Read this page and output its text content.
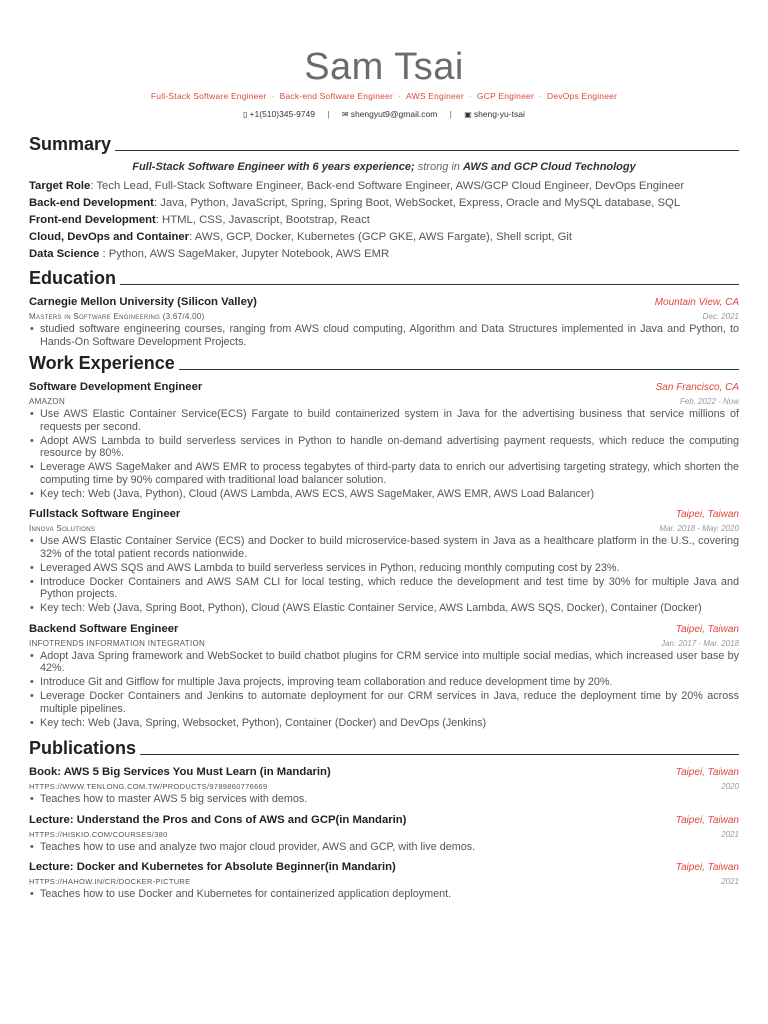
Sam Tsai
Full-Stack Software Engineer · Back-end Software Engineer · AWS Engineer · GCP Engineer · DevOps Engineer
▯ +1(510)345-9749 | ✉ shengyut9@gmail.com | ▣ sheng-yu-tsai
Summary
Full-Stack Software Engineer with 6 years experience; strong in AWS and GCP Cloud Technology
Target Role: Tech Lead, Full-Stack Software Engineer, Back-end Software Engineer, AWS/GCP Cloud Engineer, DevOps Engineer
Back-end Development: Java, Python, JavaScript, Spring, Spring Boot, WebSocket, Express, Oracle and MySQL database, SQL
Front-end Development: HTML, CSS, Javascript, Bootstrap, React
Cloud, DevOps and Container: AWS, GCP, Docker, Kubernetes (GCP GKE, AWS Fargate), Shell script, Git
Data Science : Python, AWS SageMaker, Jupyter Notebook, AWS EMR
Education
Carnegie Mellon University (Silicon Valley)	Mountain View, CA
Masters in Software Engineering (3.67/4.00)	Dec. 2021
• studied software engineering courses, ranging from AWS cloud computing, Algorithm and Data Structures implemented in Java and Python, to Hands-On Software Development Projects.
Work Experience
Software Development Engineer	San Francisco, CA
AMAZON	Feb. 2022 - Now
• Use AWS Elastic Container Service(ECS) Fargate to build containerized system in Java for the advertising business that service millions of requests per second.
• Adopt AWS Lambda to build serverless services in Python to handle on-demand advertising payment requests, which reduce the computing resource by 80%.
• Leverage AWS SageMaker and AWS EMR to process tegabytes of third-party data to enrich our advertising targeting strategy, which shorten the computing time by 90% compared with traditional load balancer solution.
• Key tech: Web (Java, Python), Cloud (AWS Lambda, AWS ECS, AWS SageMaker, AWS EMR, AWS Load Balancer)
Fullstack Software Engineer	Taipei, Taiwan
Innova Solutions	Mar. 2018 - May. 2020
• Use AWS Elastic Container Service (ECS) and Docker to build microservice-based system in Java as a healthcare platform in the U.S., covering 32% of the total patient records nationwide.
• Leveraged AWS SQS and AWS Lambda to build serverless services in Python, reducing monthly computing cost by 23%.
• Introduce Docker Containers and AWS SAM CLI for local testing, which reduce the development and test time by 30% for multiple Java and Python projects.
• Key tech: Web (Java, Spring Boot, Python), Cloud (AWS Elastic Container Service, AWS Lambda, AWS SQS, Docker), Container (Docker)
Backend Software Engineer	Taipei, Taiwan
INFOTRENDS INFORMATION INTEGRATION	Jan. 2017 - Mar. 2018
• Adopt Java Spring framework and WebSocket to build chatbot plugins for CRM service into multiple social medias, which increased user base by 42%.
• Introduce Git and Gitflow for multiple Java projects, improving team collaboration and reduce development time by 20%.
• Leverage Docker Containers and Jenkins to automate deployment for our CRM services in Java, reduce the deployment time by 20% across multiple pipelines.
• Key tech: Web (Java, Spring, Websocket, Python), Container (Docker) and DevOps (Jenkins)
Publications
Book: AWS 5 Big Services You Must Learn (in Mandarin)	Taipei, Taiwan
HTTPS://WWW.TENLONG.COM.TW/PRODUCTS/9789860776669	2020
• Teaches how to master AWS 5 big services with demos.
Lecture: Understand the Pros and Cons of AWS and GCP(in Mandarin)	Taipei, Taiwan
HTTPS://HISKIO.COM/COURSES/380	2021
• Teaches how to use and analyze two major cloud provider, AWS and GCP, with live demos.
Lecture: Docker and Kubernetes for Absolute Beginner(in Mandarin)	Taipei, Taiwan
HTTPS://HAHOW.IN/CR/DOCKER-PICTURE	2021
• Teaches how to use Docker and Kubernetes for containerized application deployment.
